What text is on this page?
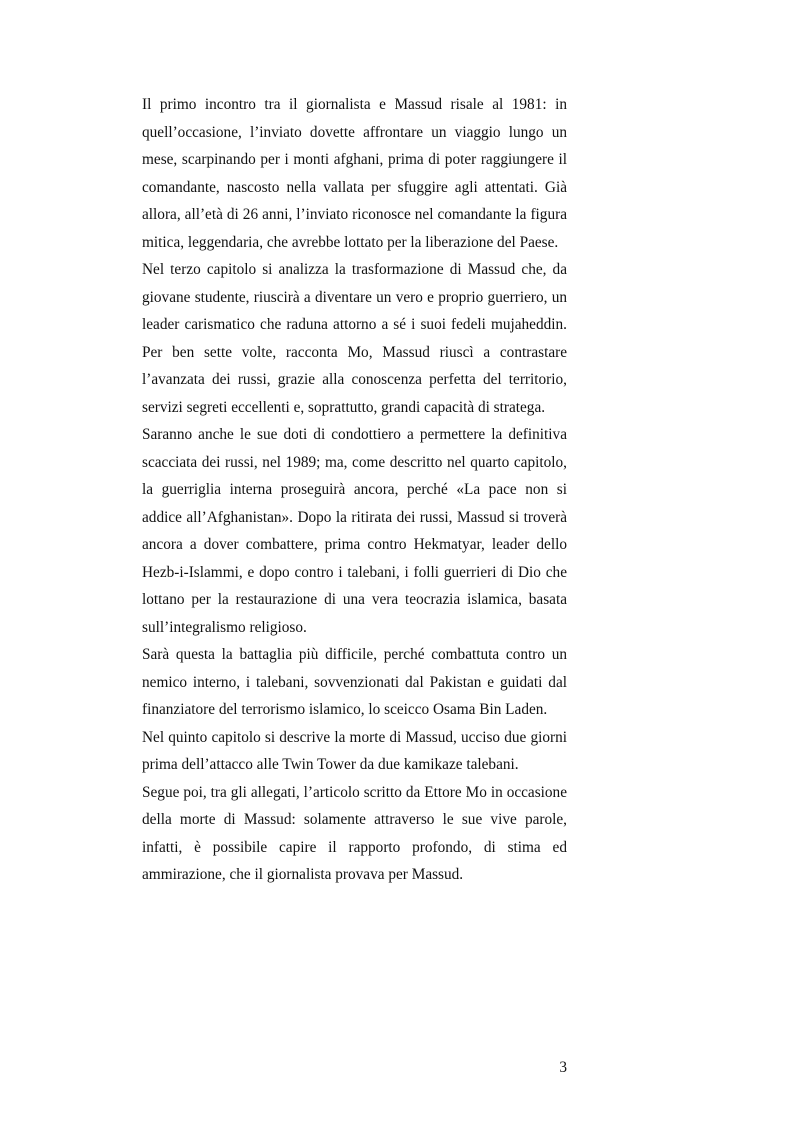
Il primo incontro tra il giornalista e Massud risale al 1981: in quell’occasione, l’inviato dovette affrontare un viaggio lungo un mese, scarpinando per i monti afghani, prima di poter raggiungere il comandante, nascosto nella vallata per sfuggire agli attentati. Già allora, all’età di 26 anni, l’inviato riconosce nel comandante la figura mitica, leggendaria, che avrebbe lottato per la liberazione del Paese.

Nel terzo capitolo si analizza la trasformazione di Massud che, da giovane studente, riuscirà a diventare un vero e proprio guerriero, un leader carismatico che raduna attorno a sé i suoi fedeli mujaheddin. Per ben sette volte, racconta Mo, Massud riuscì a contrastare l’avanzata dei russi, grazie alla conoscenza perfetta del territorio, servizi segreti eccellenti e, soprattutto, grandi capacità di stratega.

Saranno anche le sue doti di condottiero a permettere la definitiva scacciata dei russi, nel 1989; ma, come descritto nel quarto capitolo, la guerriglia interna proseguirà ancora, perché «La pace non si addice all’Afghanistan». Dopo la ritirata dei russi, Massud si troverà ancora a dover combattere, prima contro Hekmatyar, leader dello Hezb-i-Islammi, e dopo contro i talebani, i folli guerrieri di Dio che lottano per la restaurazione di una vera teocrazia islamica, basata sull’integralismo religioso.

Sarà questa la battaglia più difficile, perché combattuta contro un nemico interno, i talebani, sovvenzionati dal Pakistan e guidati dal finanziatore del terrorismo islamico, lo sceicco Osama Bin Laden.

Nel quinto capitolo si descrive la morte di Massud, ucciso due giorni prima dell’attacco alle Twin Tower da due kamikaze talebani.

Segue poi, tra gli allegati, l’articolo scritto da Ettore Mo in occasione della morte di Massud: solamente attraverso le sue vive parole, infatti, è possibile capire il rapporto profondo, di stima ed ammirazione, che il giornalista provava per Massud.

3
